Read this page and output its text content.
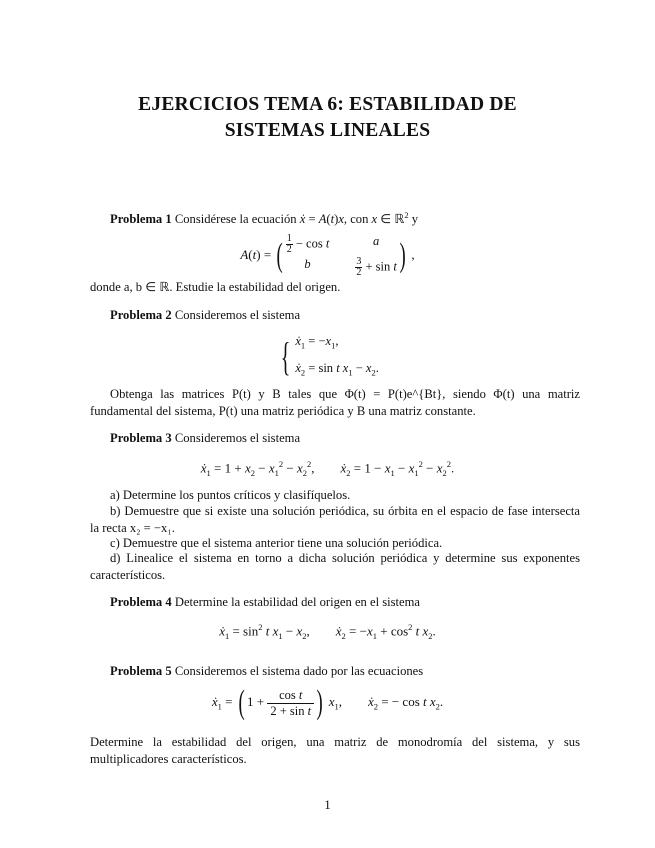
EJERCICIOS TEMA 6: ESTABILIDAD DE
SISTEMAS LINEALES
Problema 1 Considérese la ecuación ẋ = A(t)x, con x ∈ ℝ$^2$ y
A(t) = ( $\frac{1}{2} - \cos t$	a
b	$\frac{3}{2} + \sin t$ ) ,
donde a, b ∈ ℝ. Estudie la estabilidad del origen.
Problema 2 Consideremos el sistema
{ ẋ$_1$ = $-x_1$,
ẋ$_2$ = sin t $x_1 - x_2$.
Obtenga las matrices P(t) y B tales que Φ(t) = P(t)e^{Bt}, siendo Φ(t) una matriz fundamental del sistema, P(t) una matriz periódica y B una matriz constante.
Problema 3 Consideremos el sistema
ẋ$_1$ = $1 + x_2 - x_1^2 - x_2^2$,        ẋ$_2$ = $1 - x_1 - x_1^2 - x_2^2$.
a) Determine los puntos críticos y clasifíquelos.
b) Demuestre que si existe una solución periódica, su órbita en el espacio de fase intersecta la recta x₂ = −x₁.
c) Demuestre que el sistema anterior tiene una solución periódica.
d) Linealice el sistema en torno a dicha solución periódica y determine sus exponentes característicos.
Problema 4 Determine la estabilidad del origen en el sistema
ẋ$_1$ = $\sin^2 t$ $x_1 - x_2$,        ẋ$_2$ = $-x_1 + \cos^2 t$ $x_2$.
Problema 5 Consideremos el sistema dado por las ecuaciones
ẋ$_1$ = ( $1 + \frac{\text{cos t}}{\text{2 + sin t}}$ ) $x_1$,        ẋ$_2$ = − cos t $x_2$.
Determine la estabilidad del origen, una matriz de monodromía del sistema, y sus multiplicadores característicos.
1
